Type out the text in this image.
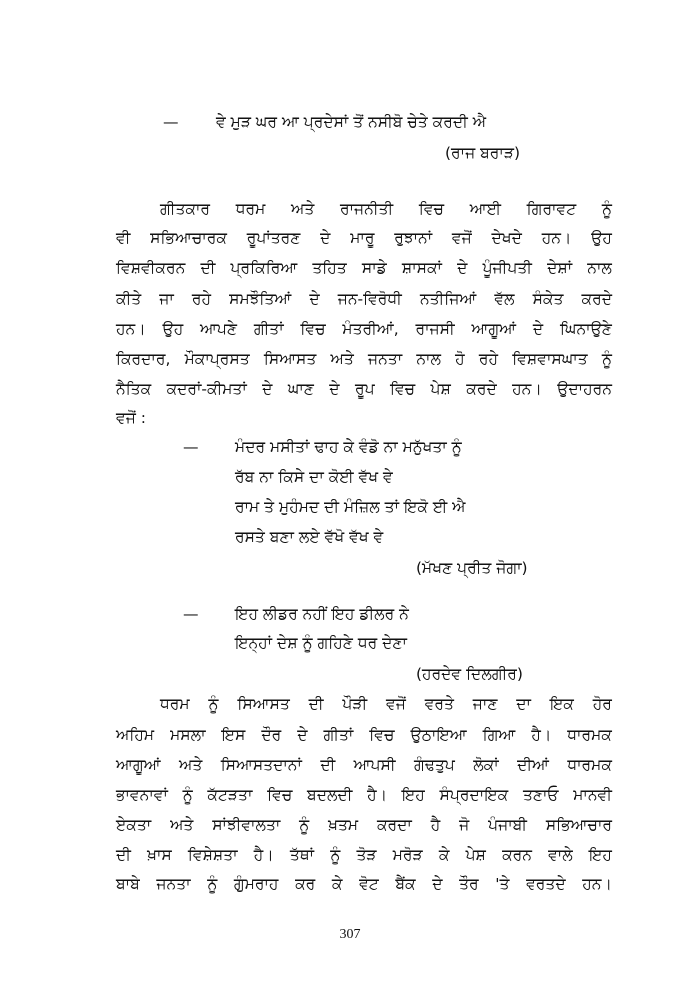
— ਵੇ ਮੁੜ ਘਰ ਆ ਪ੍ਰਦੇਸਾਂ ਤੋਂ ਨਸੀਬੋ ਚੇਤੇ ਕਰਦੀ ਐ
(ਰਾਜ ਬਰਾੜ)
ਗੀਤਕਾਰ ਧਰਮ ਅਤੇ ਰਾਜਨੀਤੀ ਵਿਚ ਆਈ ਗਿਰਾਵਟ ਨੂੰ
ਵੀ ਸਭਿਆਚਾਰਕ ਰੂਪਾਂਤਰਣ ਦੇ ਮਾਰੂ ਰੁਝਾਨਾਂ ਵਜੋਂ ਦੇਖਦੇ ਹਨ। ਉਹ
ਵਿਸ਼ਵੀਕਰਨ ਦੀ ਪ੍ਰਕਿਰਿਆ ਤਹਿਤ ਸਾਡੇ ਸ਼ਾਸਕਾਂ ਦੇ ਪੂੰਜੀਪਤੀ ਦੇਸ਼ਾਂ ਨਾਲ
ਕੀਤੇ ਜਾ ਰਹੇ ਸਮਝੌਤਿਆਂ ਦੇ ਜਨ-ਵਿਰੋਧੀ ਨਤੀਜਿਆਂ ਵੱਲ ਸੰਕੇਤ ਕਰਦੇ
ਹਨ। ਉਹ ਆਪਣੇ ਗੀਤਾਂ ਵਿਚ ਮੰਤਰੀਆਂ, ਰਾਜਸੀ ਆਗੂਆਂ ਦੇ ਘਿਨਾਉਣੇ
ਕਿਰਦਾਰ, ਮੌਕਾਪ੍ਰਸਤ ਸਿਆਸਤ ਅਤੇ ਜਨਤਾ ਨਾਲ ਹੋ ਰਹੇ ਵਿਸ਼ਵਾਸਘਾਤ ਨੂੰ
ਨੈਤਿਕ ਕਦਰਾਂ-ਕੀਮਤਾਂ ਦੇ ਘਾਣ ਦੇ ਰੂਪ ਵਿਚ ਪੇਸ਼ ਕਰਦੇ ਹਨ। ਉਦਾਹਰਨ
ਵਜੋਂ :
— ਮੰਦਰ ਮਸੀਤਾਂ ਢਾਹ ਕੇ ਵੰਡੋ ਨਾ ਮਨੁੱਖਤਾ ਨੂੰ
ਰੱਬ ਨਾ ਕਿਸੇ ਦਾ ਕੋਈ ਵੱਖ ਵੇ
ਰਾਮ ਤੇ ਮੁਹੰਮਦ ਦੀ ਮੰਜ਼ਿਲ ਤਾਂ ਇਕੋ ਈ ਐ
ਰਸਤੇ ਬਣਾ ਲਏ ਵੱਖੋ ਵੱਖ ਵੇ
(ਮੱਖਣ ਪ੍ਰੀਤ ਜੋਗਾ)
— ਇਹ ਲੀਡਰ ਨਹੀਂ ਇਹ ਡੀਲਰ ਨੇ
ਇਨ੍ਹਾਂ ਦੇਸ਼ ਨੂੰ ਗਹਿਣੇ ਧਰ ਦੇਣਾ
(ਹਰਦੇਵ ਦਿਲਗੀਰ)
ਧਰਮ ਨੂੰ ਸਿਆਸਤ ਦੀ ਪੌੜੀ ਵਜੋਂ ਵਰਤੇ ਜਾਣ ਦਾ ਇਕ ਹੋਰ
ਅਹਿਮ ਮਸਲਾ ਇਸ ਦੌਰ ਦੇ ਗੀਤਾਂ ਵਿਚ ਉਠਾਇਆ ਗਿਆ ਹੈ। ਧਾਰਮਕ
ਆਗੂਆਂ ਅਤੇ ਸਿਆਸਤਦਾਨਾਂ ਦੀ ਆਪਸੀ ਗੰਢਤੁਪ ਲੋਕਾਂ ਦੀਆਂ ਧਾਰਮਕ
ਭਾਵਨਾਵਾਂ ਨੂੰ ਕੱਟੜਤਾ ਵਿਚ ਬਦਲਦੀ ਹੈ। ਇਹ ਸੰਪ੍ਰਦਾਇਕ ਤਣਾਓ ਮਾਨਵੀ
ਏਕਤਾ ਅਤੇ ਸਾਂਝੀਵਾਲਤਾ ਨੂੰ ਖ਼ਤਮ ਕਰਦਾ ਹੈ ਜੋ ਪੰਜਾਬੀ ਸਭਿਆਚਾਰ
ਦੀ ਖ਼ਾਸ ਵਿਸ਼ੇਸ਼ਤਾ ਹੈ। ਤੱਥਾਂ ਨੂੰ ਤੋੜ ਮਰੋੜ ਕੇ ਪੇਸ਼ ਕਰਨ ਵਾਲੇ ਇਹ
ਬਾਬੇ ਜਨਤਾ ਨੂੰ ਗੁੰਮਰਾਹ ਕਰ ਕੇ ਵੋਟ ਬੈਂਕ ਦੇ ਤੌਰ 'ਤੇ ਵਰਤਦੇ ਹਨ।
307
